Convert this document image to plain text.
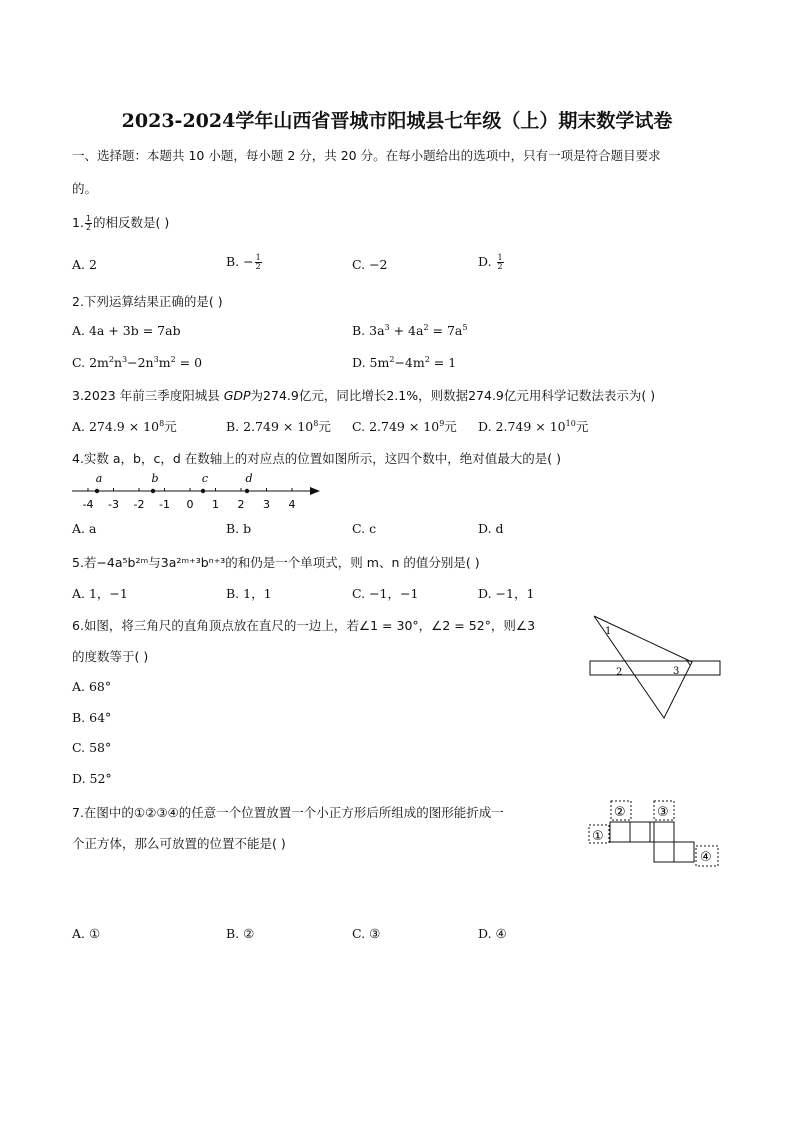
2023-2024学年山西省晋城市阳城县七年级（上）期末数学试卷
一、选择题：本题共 10 小题，每小题 2 分，共 20 分。在每小题给出的选项中，只有一项是符合题目要求
的。
1. $\frac{1}{2}$ 的相反数是( )
A. 2	B. − $\frac{1}{2}$	C. −2	D. $\frac{1}{2}$
2.下列运算结果正确的是( )
A. 4a + 3b = 7ab	B. $3a^3 + 4a^2 = 7a^5$
C. $2m^2n^3-2n^3m^2 = 0$	D. $5m^2-4m^2 = 1$
3.2023 年前三季度阳城县 GDP为274.9亿元，同比增长2.1%，则数据274.9亿元用科学记数法表示为( )
A. $274.9 \times 10^8$元	B. $2.749 \times 10^8$元 C. $2.749 \times 10^9$元 D. $2.749 \times 10^{10}$元
4.实数 a，b，c，d 在数轴上的对应点的位置如图所示，这四个数中，绝对值最大的是( )
-4 -3 -2 -1 0 1 2 3 4
a	b	c	d
A. a	B. b	C. c	D. d
5.若−4a⁵b²ᵐ与3a²ᵐ⁺³bⁿ⁺³的和仍是一个单项式，则 m、n 的值分别是( )
A. 1，−1	B. 1，1	C. −1，−1	D. −1，1
6.如图，将三角尺的直角顶点放在直尺的一边上，若∠1 = 30°，∠2 = 52°，则∠3
的度数等于( )
A. 68°
B. 64°
C. 58°
D. 52°
1
2	3
7.在图中的①②③④的任意一个位置放置一个小正方形后所组成的图形能折成一
个正方体，那么可放置的位置不能是( )	①
② ③
④
A. ①	B. ②	C. ③	D. ④
